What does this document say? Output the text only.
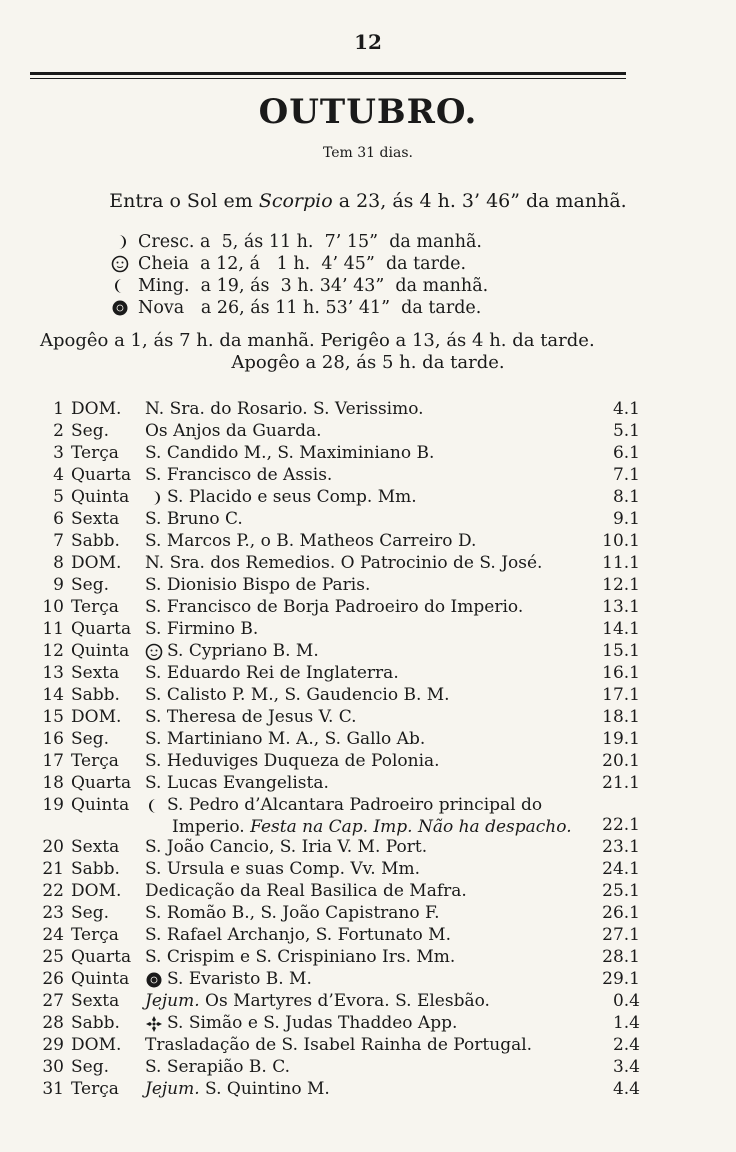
12
OUTUBRO.
Tem 31 dias.
Entra o Sol em Scorpio a 23, ás 4 h. 3’ 46” da manhã.
Cresc. a  5, ás 11 h.  7’ 15”  da manhã.
Cheia  a 12, á   1 h.  4’ 45”  da tarde.
Ming.  a 19, ás  3 h. 34’ 43”  da manhã.
Nova   a 26, ás 11 h. 53’ 41”  da tarde.
Apogêo a 1, ás 7 h. da manhã. Perigêo a 13, ás 4 h. da tarde.
Apogêo a 28, ás 5 h. da tarde.
1 DOM. N. Sra. do Rosario. S. Verissimo.	4.1
2 Seg. Os Anjos da Guarda.	5.1
3 Terça S. Candido M., S. Maximiniano B.	6.1
4 Quarta S. Francisco de Assis.	7.1
5 Quinta	S. Placido e seus Comp. Mm.	8.1
6 Sexta S. Bruno C.	9.1
7 Sabb. S. Marcos P., o B. Matheos Carreiro D.	10.1
8 DOM. N. Sra. dos Remedios. O Patrocinio de S. José.	11.1
9 Seg. S. Dionisio Bispo de Paris.	12.1
10 Terça S. Francisco de Borja Padroeiro do Imperio.	13.1
11 Quarta S. Firmino B.	14.1
12 Quinta	S. Cypriano B. M.	15.1
13 Sexta S. Eduardo Rei de Inglaterra.	16.1
14 Sabb. S. Calisto P. M., S. Gaudencio B. M.	17.1
15 DOM. S. Theresa de Jesus V. C.	18.1
16 Seg. S. Martiniano M. A., S. Gallo Ab.	19.1
17 Terça S. Heduviges Duqueza de Polonia.	20.1
18 Quarta S. Lucas Evangelista.	21.1
19 Quinta	S. Pedro d’Alcantara Padroeiro principal do
Imperio. Festa na Cap. Imp. Não ha despacho.	22.1
20 Sexta S. João Cancio, S. Iria V. M. Port.	23.1
21 Sabb. S. Ursula e suas Comp. Vv. Mm.	24.1
22 DOM. Dedicação da Real Basilica de Mafra.	25.1
23 Seg. S. Romão B., S. João Capistrano F.	26.1
24 Terça S. Rafael Archanjo, S. Fortunato M.	27.1
25 Quarta S. Crispim e S. Crispiniano Irs. Mm.	28.1
26 Quinta	S. Evaristo B. M.	29.1
27 Sexta Jejum. Os Martyres d’Evora. S. Elesbão.	0.4
28 Sabb.	S. Simão e S. Judas Thaddeo App.	1.4
29 DOM. Trasladação de S. Isabel Rainha de Portugal.	2.4
30 Seg. S. Serapião B. C.	3.4
31 Terça Jejum. S. Quintino M.	4.4
